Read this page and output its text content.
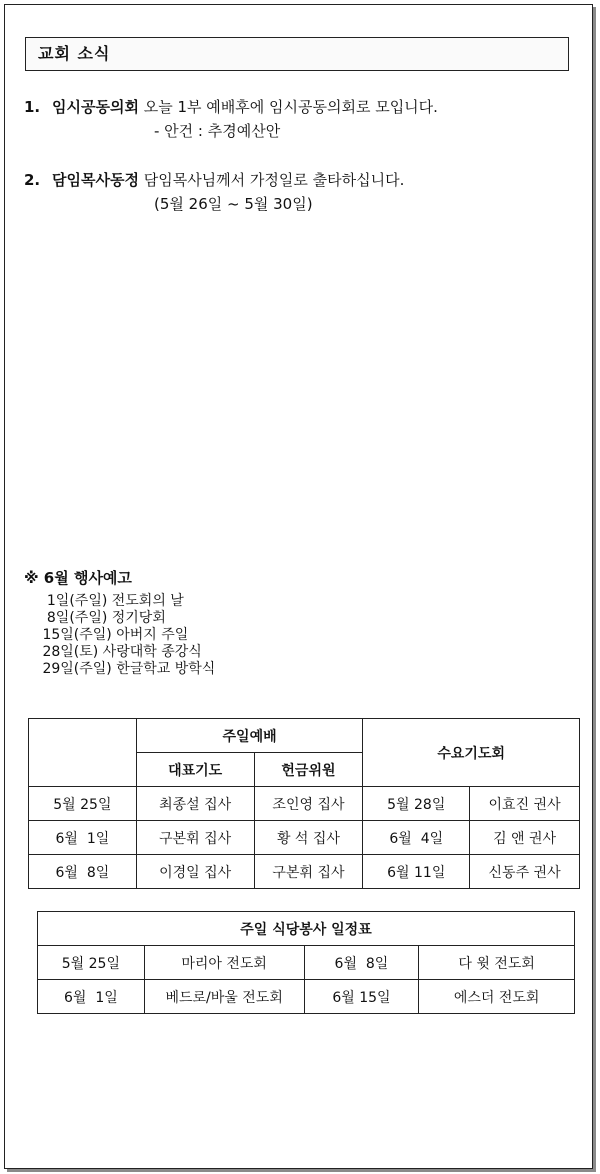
교회 소식
1. 임시공동의회 오늘 1부 예배후에 임시공동의회로 모입니다.
- 안건 : 추경예산안
2. 담임목사동정 담임목사님께서 가정일로 출타하십니다.
(5월 26일 ~ 5월 30일)
※ 6월 행사예고
1일(주일) 전도회의 날
8일(주일) 정기당회
15일(주일) 아버지 주일
28일(토) 사랑대학 종강식
29일(주일) 한글학교 방학식
	주일예배		수요기도회	
	대표기도	헌금위원		
5월 25일	최종설 집사	조인영 집사	5월 28일	이효진 권사
6월  1일	구본휘 집사	황 석 집사	6월  4일	김 앤 권사
6월  8일	이경일 집사	구본휘 집사	6월 11일	신동주 권사
주일 식당봉사 일정표			
5월 25일	마리아 전도회	6월  8일	다 윗 전도회
6월  1일	베드로/바울 전도회	6월 15일	에스더 전도회
